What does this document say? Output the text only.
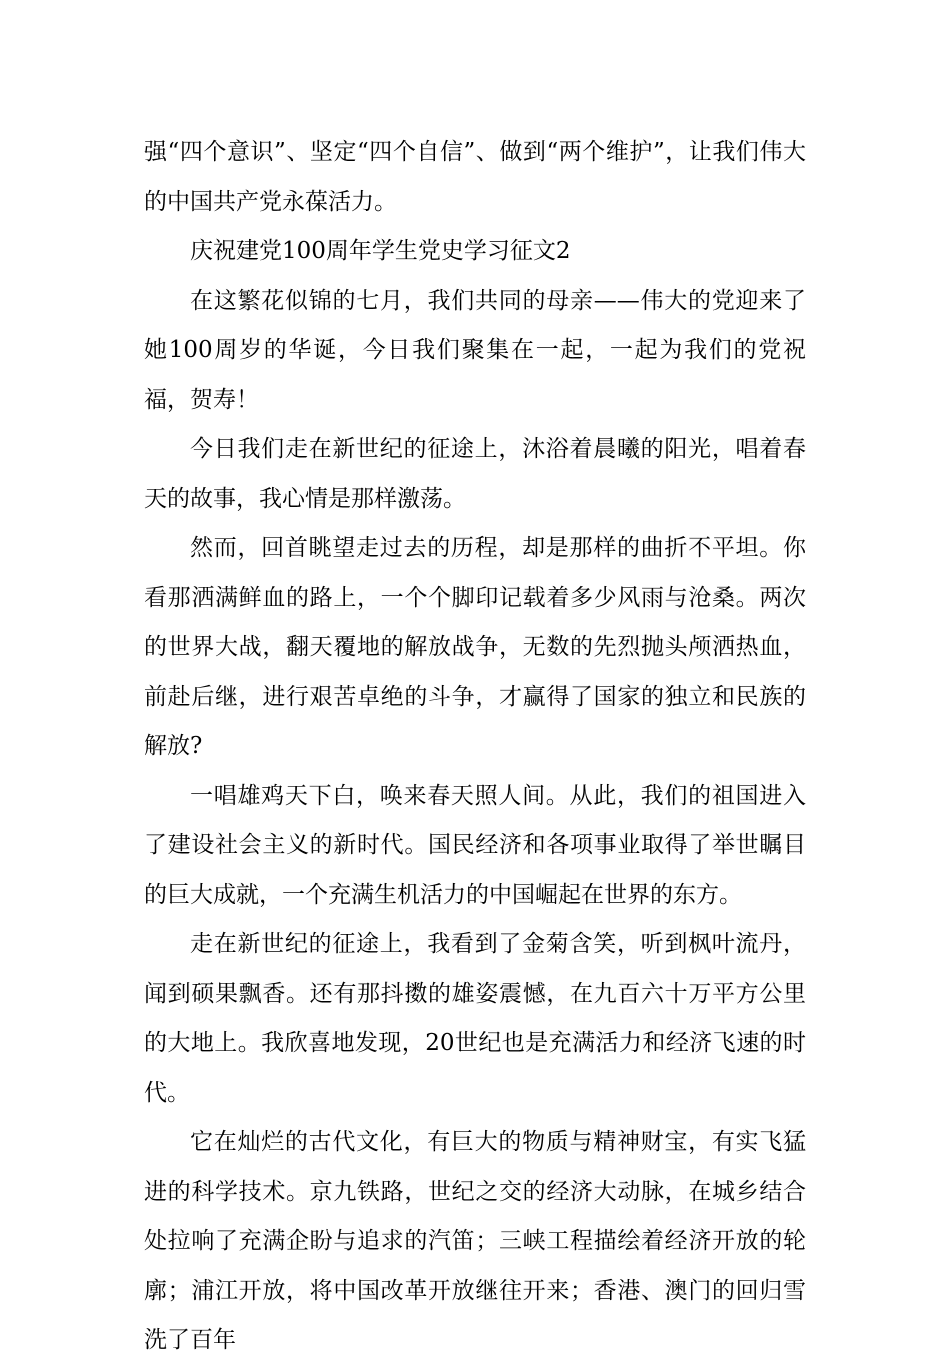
强“四个意识”、坚定“四个自信”、做到“两个维护”，让我们伟大的中国共产党永葆活力。

庆祝建党100周年学生党史学习征文2

在这繁花似锦的七月，我们共同的母亲——伟大的党迎来了她100周岁的华诞，今日我们聚集在一起，一起为我们的党祝福，贺寿！

今日我们走在新世纪的征途上，沐浴着晨曦的阳光，唱着春天的故事，我心情是那样激荡。

然而，回首眺望走过去的历程，却是那样的曲折不平坦。你看那洒满鲜血的路上，一个个脚印记载着多少风雨与沧桑。两次的世界大战，翻天覆地的解放战争，无数的先烈抛头颅洒热血，前赴后继，进行艰苦卓绝的斗争，才赢得了国家的独立和民族的解放?

一唱雄鸡天下白，唤来春天照人间。从此，我们的祖国进入了建设社会主义的新时代。国民经济和各项事业取得了举世瞩目的巨大成就，一个充满生机活力的中国崛起在世界的东方。

走在新世纪的征途上，我看到了金菊含笑，听到枫叶流丹，闻到硕果飘香。还有那抖擞的雄姿震憾，在九百六十万平方公里的大地上。我欣喜地发现，20世纪也是充满活力和经济飞速的时代。

它在灿烂的古代文化，有巨大的物质与精神财宝，有实飞猛进的科学技术。京九铁路，世纪之交的经济大动脉，在城乡结合处拉响了充满企盼与追求的汽笛；三峡工程描绘着经济开放的轮廓；浦江开放，将中国改革开放继往开来；香港、澳门的回归雪洗了百年
